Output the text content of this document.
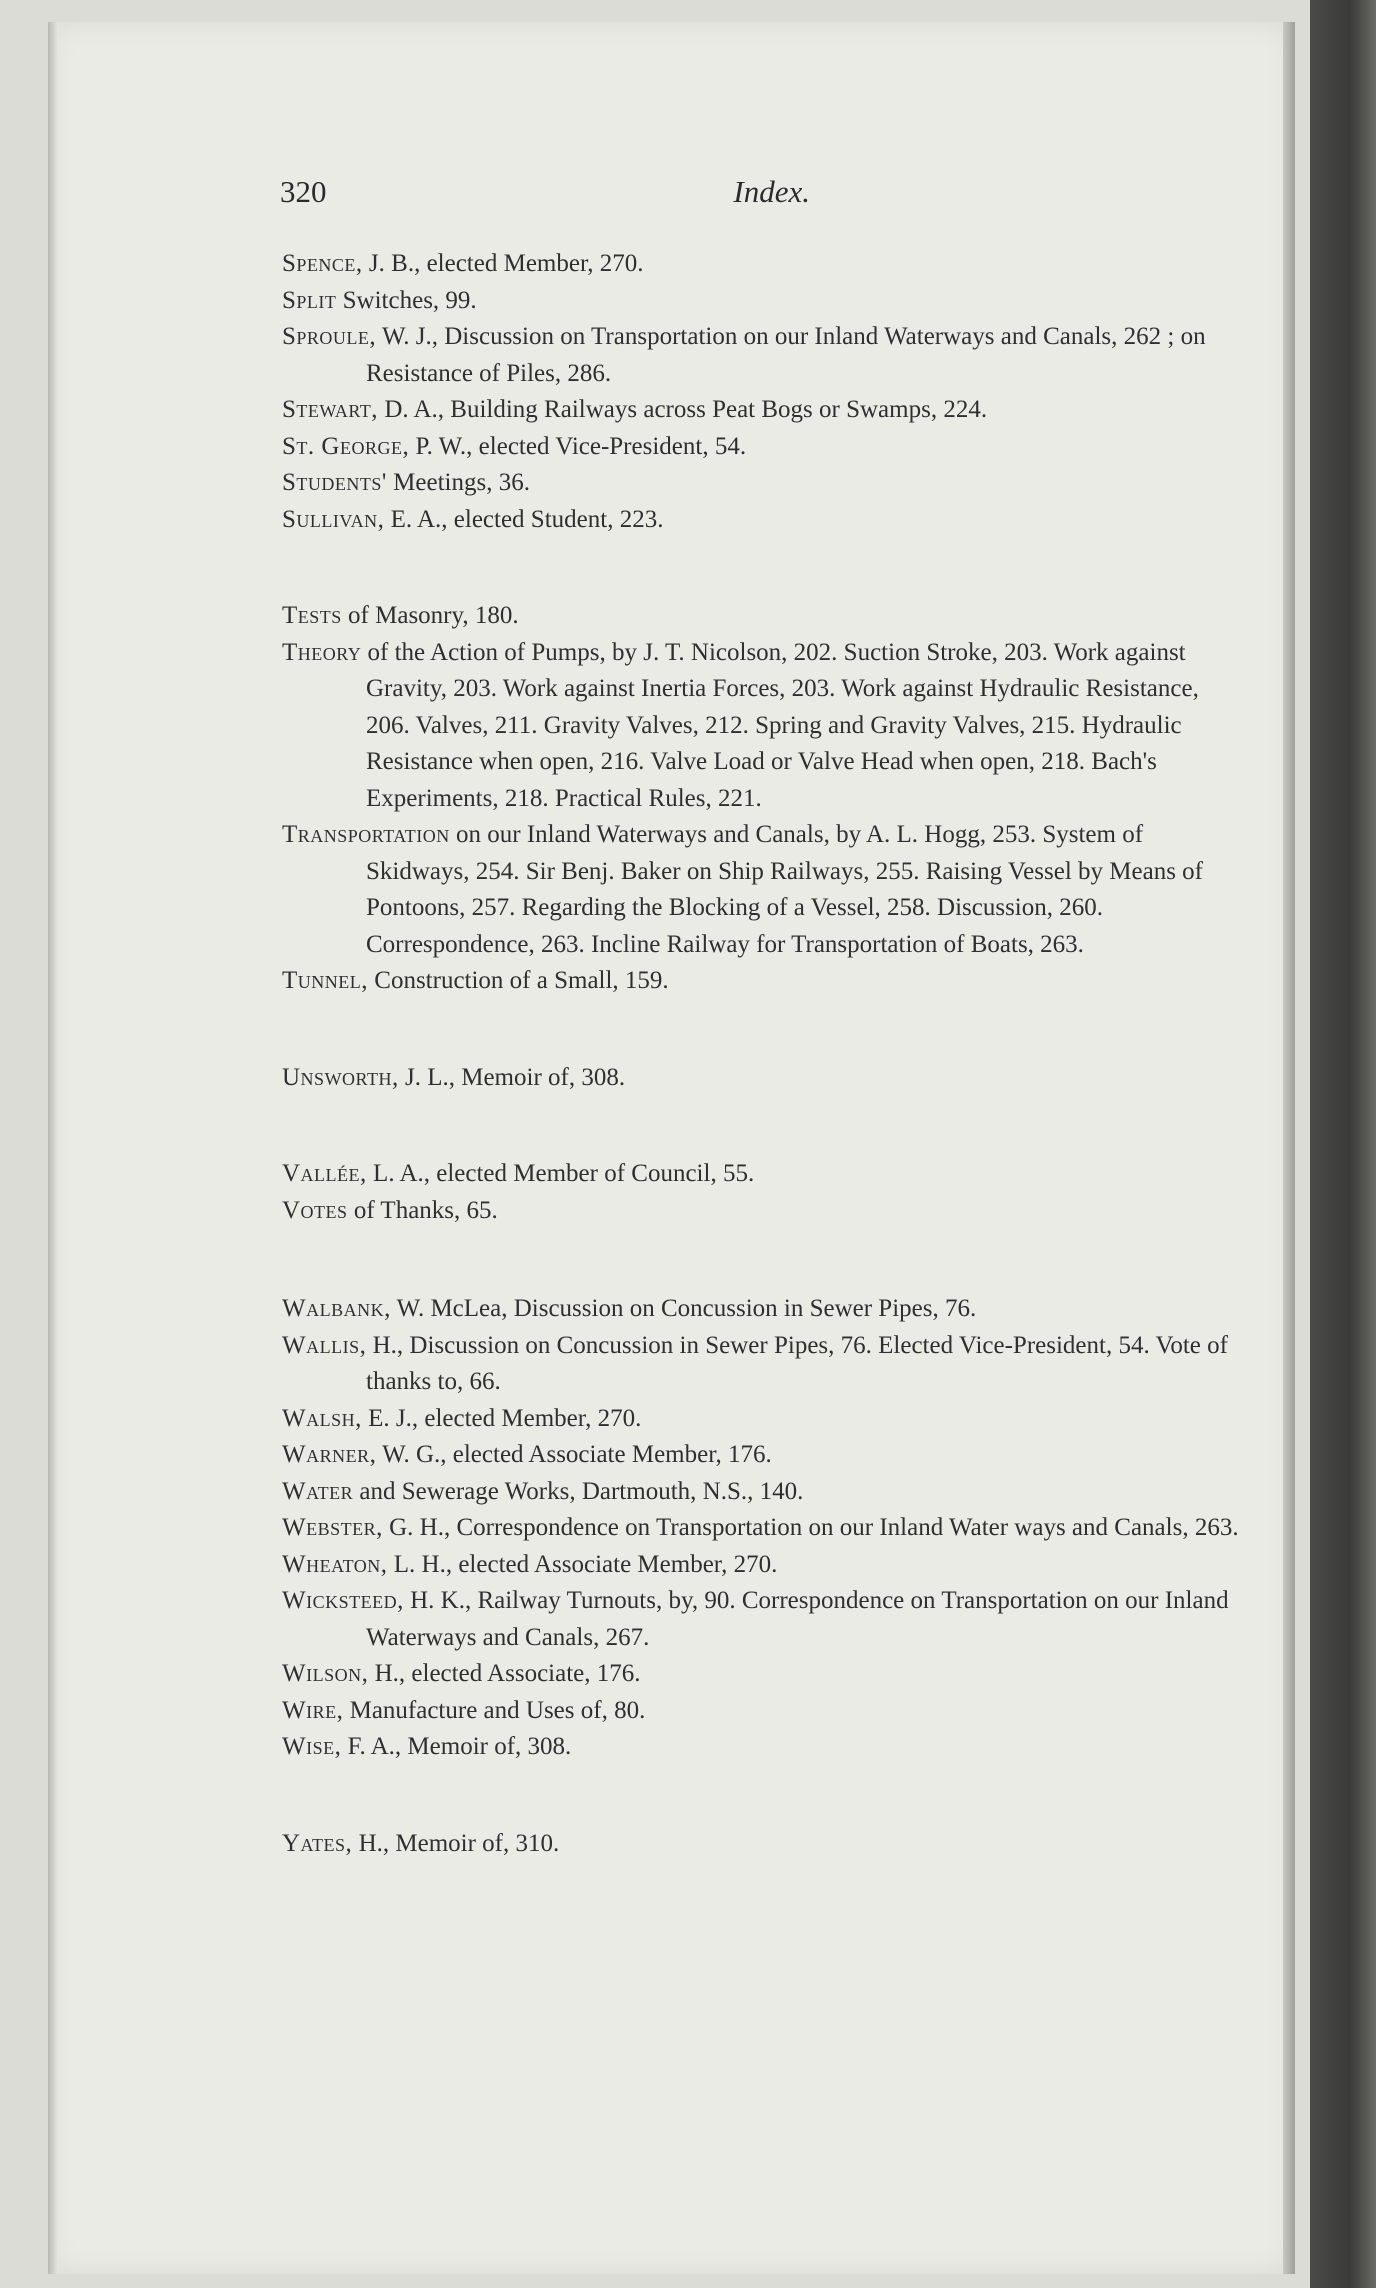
320	Index.

Spence, J. B., elected Member, 270.

Split Switches, 99.

Sproule, W. J., Discussion on Transportation on our Inland Waterways and Canals, 262 ; on Resistance of Piles, 286.

Stewart, D. A., Building Railways across Peat Bogs or Swamps, 224.

St. George, P. W., elected Vice-President, 54.

Students' Meetings, 36.

Sullivan, E. A., elected Student, 223.

Tests of Masonry, 180.

Theory of the Action of Pumps, by J. T. Nicolson, 202. Suction Stroke, 203. Work against Gravity, 203. Work against Inertia Forces, 203. Work against Hydraulic Resistance, 206. Valves, 211. Gravity Valves, 212. Spring and Gravity Valves, 215. Hydraulic Resistance when open, 216. Valve Load or Valve Head when open, 218. Bach's Experiments, 218. Practical Rules, 221.

Transportation on our Inland Waterways and Canals, by A. L. Hogg, 253. System of Skidways, 254. Sir Benj. Baker on Ship Railways, 255. Raising Vessel by Means of Pontoons, 257. Regarding the Blocking of a Vessel, 258. Discussion, 260. Correspondence, 263. Incline Railway for Transportation of Boats, 263.

Tunnel, Construction of a Small, 159.

Unsworth, J. L., Memoir of, 308.

Vallée, L. A., elected Member of Council, 55.

Votes of Thanks, 65.

Walbank, W. McLea, Discussion on Concussion in Sewer Pipes, 76.

Wallis, H., Discussion on Concussion in Sewer Pipes, 76. Elected Vice-President, 54. Vote of thanks to, 66.

Walsh, E. J., elected Member, 270.

Warner, W. G., elected Associate Member, 176.

Water and Sewerage Works, Dartmouth, N.S., 140.

Webster, G. H., Correspondence on Transportation on our Inland Water ways and Canals, 263.

Wheaton, L. H., elected Associate Member, 270.

Wicksteed, H. K., Railway Turnouts, by, 90. Correspondence on Transportation on our Inland Waterways and Canals, 267.

Wilson, H., elected Associate, 176.

Wire, Manufacture and Uses of, 80.

Wise, F. A., Memoir of, 308.

Yates, H., Memoir of, 310.
